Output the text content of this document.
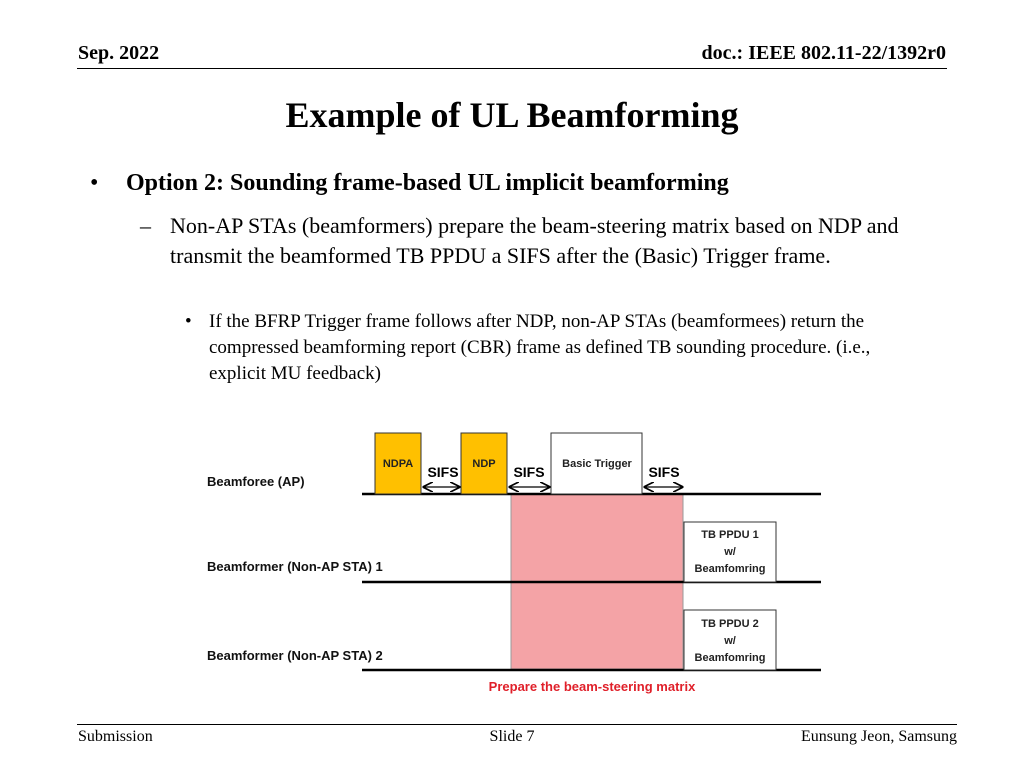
Sep. 2022	doc.: IEEE 802.11-22/1392r0
Example of UL Beamforming
• Option 2: Sounding frame-based UL implicit beamforming
– Non-AP STAs (beamformers) prepare the beam-steering matrix based on NDP and transmit the beamformed TB PPDU a SIFS after the (Basic) Trigger frame.
• If the BFRP Trigger frame follows after NDP, non-AP STAs (beamformees) return the compressed beamforming report (CBR) frame as defined TB sounding procedure. (i.e., explicit MU feedback)
Beamforee (AP)
Beamformer (Non-AP STA) 1
Beamformer (Non-AP STA) 2
NDPA	NDP	Basic Trigger
SIFS	SIFS	SIFS
TB PPDU 1
w/
Beamfomring
TB PPDU 2
w/
Beamfomring
Prepare the beam-steering matrix
Submission	Slide 7	Eunsung Jeon, Samsung
